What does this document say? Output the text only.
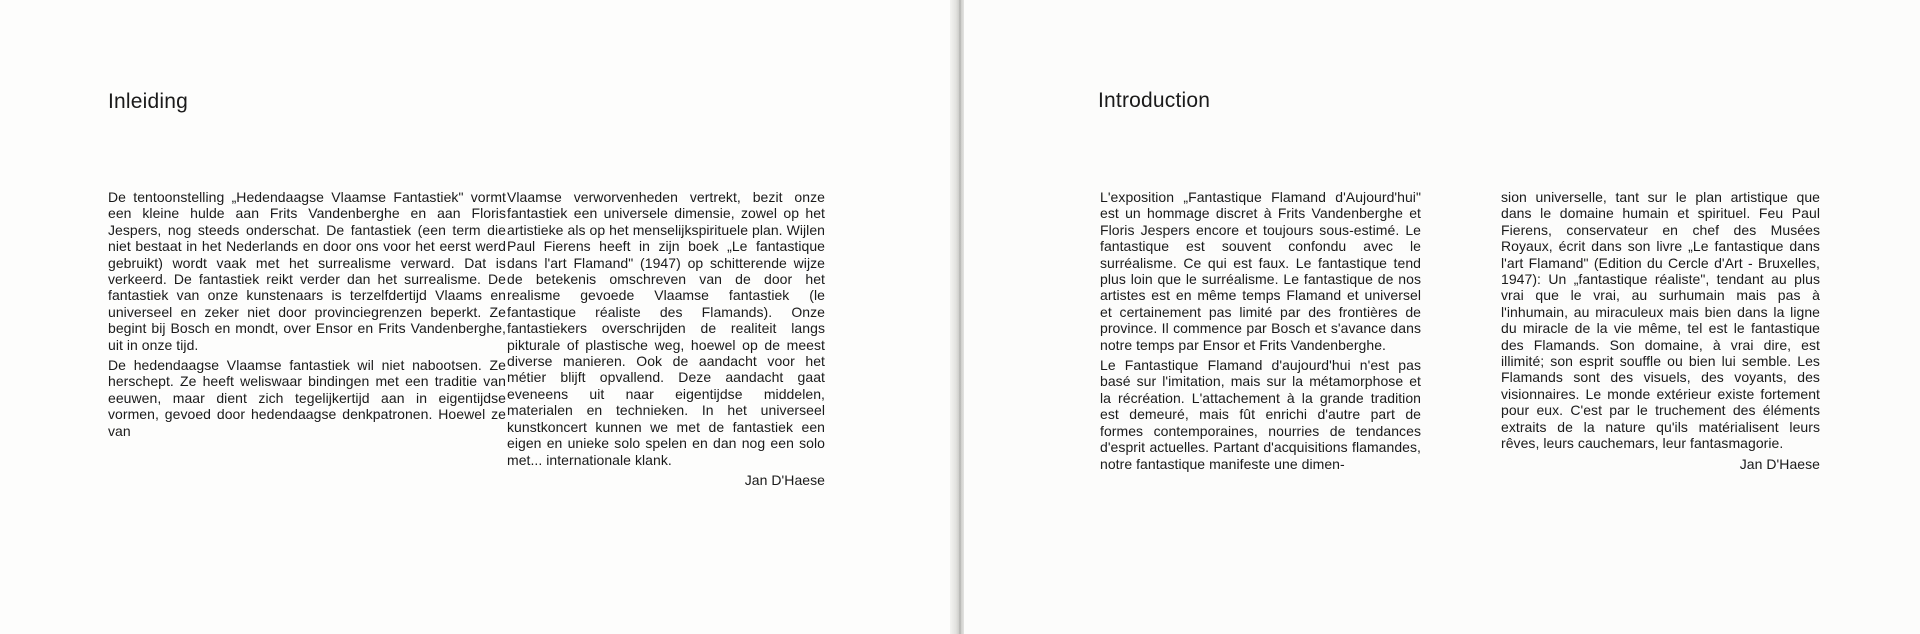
Inleiding

De tentoonstelling „Hedendaagse Vlaamse Fantastiek" vormt een kleine hulde aan Frits Vandenberghe en aan Floris Jespers, nog steeds onderschat. De fantastiek (een term die niet bestaat in het Nederlands en door ons voor het eerst werd gebruikt) wordt vaak met het surrealisme verward. Dat is verkeerd. De fantastiek reikt verder dan het surrealisme. De fantastiek van onze kunstenaars is terzelfdertijd Vlaams en universeel en zeker niet door provinciegrenzen beperkt. Ze begint bij Bosch en mondt, over Ensor en Frits Vandenberghe, uit in onze tijd.

De hedendaagse Vlaamse fantastiek wil niet nabootsen. Ze herschept. Ze heeft weliswaar bindingen met een traditie van eeuwen, maar dient zich tegelijkertijd aan in eigentijdse vormen, gevoed door hedendaagse denkpatronen. Hoewel ze van

Vlaamse verworvenheden vertrekt, bezit onze fantastiek een universele dimensie, zowel op het artistieke als op het menselijkspirituele plan. Wijlen Paul Fierens heeft in zijn boek „Le fantastique dans l'art Flamand" (1947) op schitterende wijze de betekenis omschreven van de door het realisme gevoede Vlaamse fantastiek (le fantastique réaliste des Flamands). Onze fantastiekers overschrijden de realiteit langs pikturale of plastische weg, hoewel op de meest diverse manieren. Ook de aandacht voor het métier blijft opvallend. Deze aandacht gaat eveneens uit naar eigentijdse middelen, materialen en technieken. In het universeel kunstkoncert kunnen we met de fantastiek een eigen en unieke solo spelen en dan nog een solo met... internationale klank.

Jan D'Haese
Introduction

L'exposition „Fantastique Flamand d'Aujourd'hui" est un hommage discret à Frits Vandenberghe et Floris Jespers encore et toujours sous-estimé. Le fantastique est souvent confondu avec le surréalisme. Ce qui est faux. Le fantastique tend plus loin que le surréalisme. Le fantastique de nos artistes est en même temps Flamand et universel et certainement pas limité par des frontières de province. Il commence par Bosch et s'avance dans notre temps par Ensor et Frits Vandenberghe.

Le Fantastique Flamand d'aujourd'hui n'est pas basé sur l'imitation, mais sur la métamorphose et la récréation. L'attachement à la grande tradition est demeuré, mais fût enrichi d'autre part de formes contemporaines, nourries de tendances d'esprit actuelles. Partant d'acquisitions flamandes, notre fantastique manifeste une dimen-

sion universelle, tant sur le plan artistique que dans le domaine humain et spirituel. Feu Paul Fierens, conservateur en chef des Musées Royaux, écrit dans son livre „Le fantastique dans l'art Flamand" (Edition du Cercle d'Art - Bruxelles, 1947): Un „fantastique réaliste", tendant au plus vrai que le vrai, au surhumain mais pas à l'inhumain, au miraculeux mais bien dans la ligne du miracle de la vie même, tel est le fantastique des Flamands. Son domaine, à vrai dire, est illimité; son esprit souffle ou bien lui semble. Les Flamands sont des visuels, des voyants, des visionnaires. Le monde extérieur existe fortement pour eux. C'est par le truchement des éléments extraits de la nature qu'ils matérialisent leurs rêves, leurs cauchemars, leur fantasmagorie.

Jan D'Haese
